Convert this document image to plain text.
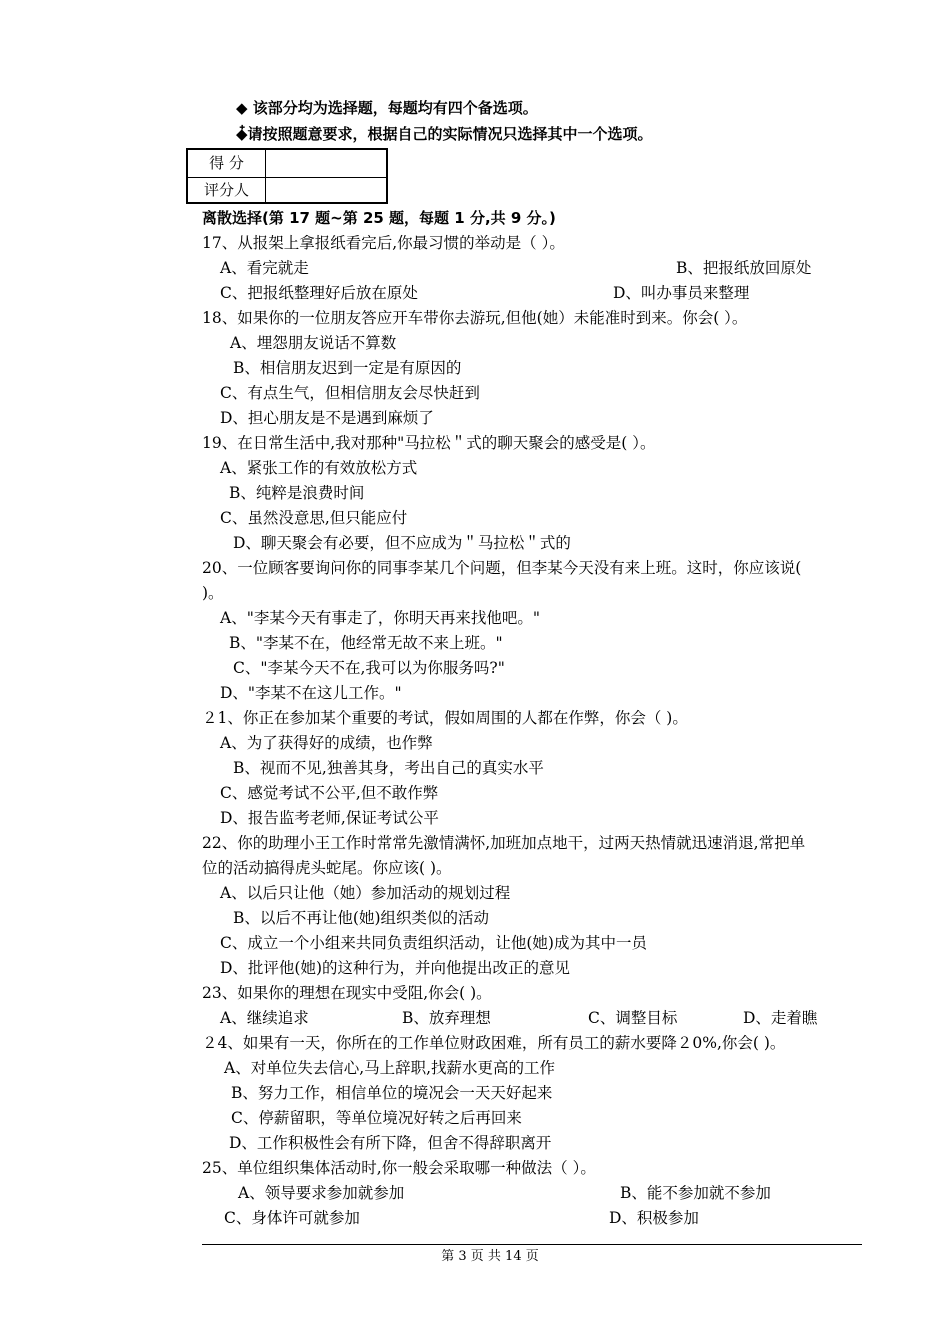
◆ 该部分均为选择题，每题均有四个备选项。
◆໋请按照题意要求，根据自己的实际情况只选择其中一个选项。
得 分
评分人
离散选择(第 17 题~第 25 题，每题 1 分,共 9 分。)
17、从报架上拿报纸看完后,你最习惯的举动是（ ）。
A、看完就走	B、把报纸放回原处
C、把报纸整理好后放在原处	D、叫办事员来整理
18、如果你的一位朋友答应开车带你去游玩,但他(她）未能准时到来。你会( ）。
A、埋怨朋友说话不算数
B、相信朋友迟到一定是有原因的
C、有点生气，但相信朋友会尽快赶到
D、担心朋友是不是遇到麻烦了
19、在日常生活中,我对那种"马拉松＂式的聊天聚会的感受是( ）。
A、紧张工作的有效放松方式
B、纯粹是浪费时间
C、虽然没意思,但只能应付
D、聊天聚会有必要，但不应成为＂马拉松＂式的
20、一位顾客要询问你的同事李某几个问题，但李某今天没有来上班。这时，你应该说(
)。
A、"李某今天有事走了，你明天再来找他吧。"
B、"李某不在，他经常无故不来上班。"
C、"李某今天不在,我可以为你服务吗?"
D、"李某不在这儿工作。"
２1、你正在参加某个重要的考试，假如周围的人都在作弊，你会（ )。
A、为了获得好的成绩，也作弊
B、视而不见,独善其身，考出自己的真实水平
C、感觉考试不公平,但不敢作弊
D、报告监考老师,保证考试公平
22、你的助理小王工作时常常先激情满怀,加班加点地干，过两天热情就迅速消退,常把单
位的活动搞得虎头蛇尾。你应该( )。
A、以后只让他（她）参加活动的规划过程
B、以后不再让他(她)组织类似的活动
C、成立一个小组来共同负责组织活动，让他(她)成为其中一员
D、批评他(她)的这种行为，并向他提出改正的意见
23、如果你的理想在现实中受阻,你会( )。
A、继续追求	B、放弃理想	C、调整目标	D、走着瞧
２4、如果有一天，你所在的工作单位财政困难，所有员工的薪水要降２0%,你会( )。
A、对单位失去信心,马上辞职,找薪水更高的工作
B、努力工作，相信单位的境况会一天天好起来
C、停薪留职，等单位境况好转之后再回来
D、工作积极性会有所下降，但舍不得辞职离开
25、单位组织集体活动时,你一般会采取哪一种做法（ ）。
A、领导要求参加就参加	B、能不参加就不参加
C、身体许可就参加	D、积极参加
第 3 页 共 14 页
